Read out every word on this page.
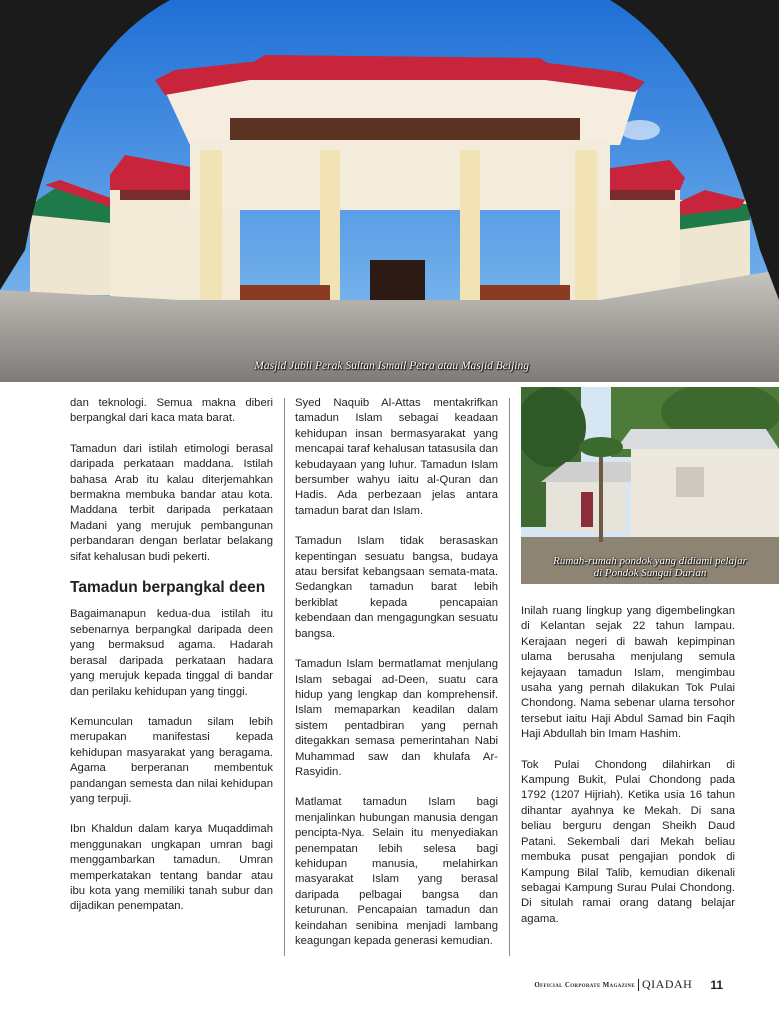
Masjid Jubli Perak Sultan Ismail Petra atau Masjid Beijing

dan teknologi. Semua makna diberi berpangkal dari kaca mata barat.

Tamadun dari istilah etimologi berasal daripada perkataan maddana. Istilah bahasa Arab itu kalau diterjemahkan bermakna membuka bandar atau kota. Maddana terbit daripada perkataan Madani yang merujuk pembangunan perbandaran dengan berlatar belakang sifat kehalusan budi pekerti.

Tamadun berpangkal deen

Bagaimanapun kedua-dua istilah itu sebenarnya berpangkal daripada deen yang bermaksud agama. Hadarah berasal daripada perkataan hadara yang merujuk kepada tinggal di bandar dan perilaku kehidupan yang tinggi.

Kemunculan tamadun silam lebih merupakan manifestasi kepada kehidupan masyarakat yang beragama. Agama berperanan membentuk pandangan semesta dan nilai kehidupan yang terpuji.

Ibn Khaldun dalam karya Muqaddimah menggunakan ungkapan umran bagi menggambarkan tamadun. Umran memperkatakan tentang bandar atau ibu kota yang memiliki tanah subur dan dijadikan penempatan.

Syed Naquib Al-Attas mentakrifkan tamadun Islam sebagai keadaan kehidupan insan bermasyarakat yang mencapai taraf kehalusan tatasusila dan kebudayaan yang luhur. Tamadun Islam bersumber wahyu iaitu al-Quran dan Hadis. Ada perbezaan jelas antara tamadun barat dan Islam.

Tamadun Islam tidak berasaskan kepentingan sesuatu bangsa, budaya atau bersifat kebangsaan semata-mata. Sedangkan tamadun barat lebih berkiblat kepada pencapaian kebendaan dan mengagungkan sesuatu bangsa.

Tamadun Islam bermatlamat menjulang Islam sebagai ad-Deen, suatu cara hidup yang lengkap dan komprehensif. Islam memaparkan keadilan dalam sistem pentadbiran yang pernah ditegakkan semasa pemerintahan Nabi Muhammad saw dan khulafa Ar-Rasyidin.

Matlamat tamadun Islam bagi menjalinkan hubungan manusia dengan pencipta-Nya. Selain itu menyediakan penempatan lebih selesa bagi kehidupan manusia, melahirkan masyarakat Islam yang berasal daripada pelbagai bangsa dan keturunan. Pencapaian tamadun dan keindahan senibina menjadi lambang keagungan kepada generasi kemudian.

Rumah-rumah pondok yang didiami pelajar
di Pondok Sungai Durian

Inilah ruang lingkup yang digembelingkan di Kelantan sejak 22 tahun lampau. Kerajaan negeri di bawah kepimpinan ulama berusaha menjulang semula kejayaan tamadun Islam, mengimbau usaha yang pernah dilakukan Tok Pulai Chondong. Nama sebenar ulama tersohor tersebut iaitu Haji Abdul Samad bin Faqih Haji Abdullah bin Imam Hashim.

Tok Pulai Chondong dilahirkan di Kampung Bukit, Pulai Chondong pada 1792 (1207 Hijriah). Ketika usia 16 tahun dihantar ayahnya ke Mekah. Di sana beliau berguru dengan Sheikh Daud Patani. Sekembali dari Mekah beliau membuka pusat pengajian pondok di Kampung Bilal Talib, kemudian dikenali sebagai Kampung Surau Pulai Chondong. Di situlah ramai orang datang belajar agama.

Official Corporate Magazine QIADAH 11
